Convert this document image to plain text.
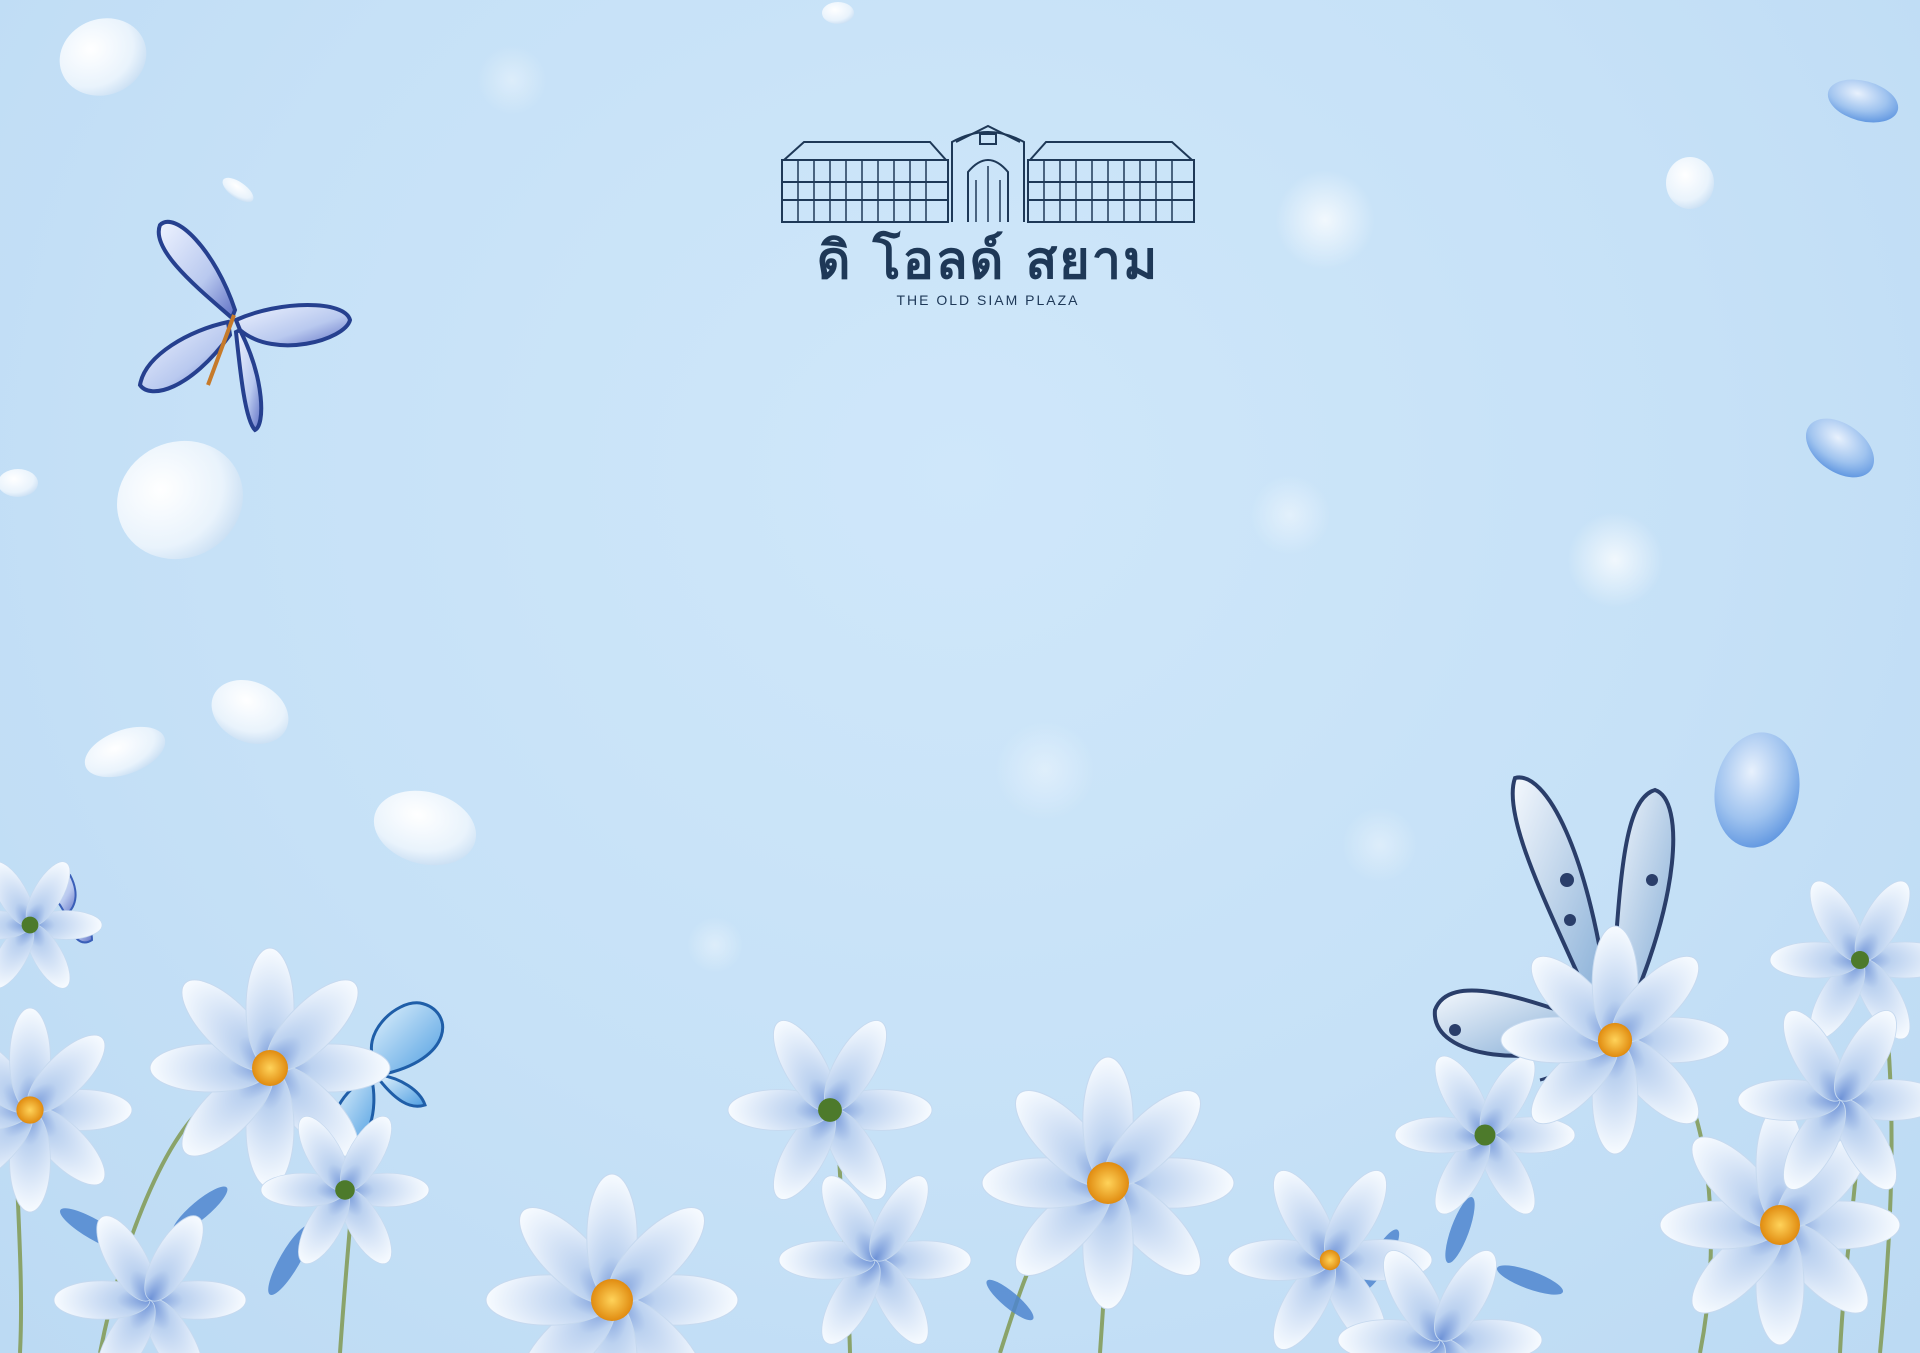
ดิ โอลด์ สยาม
THE OLD SIAM PLAZA
